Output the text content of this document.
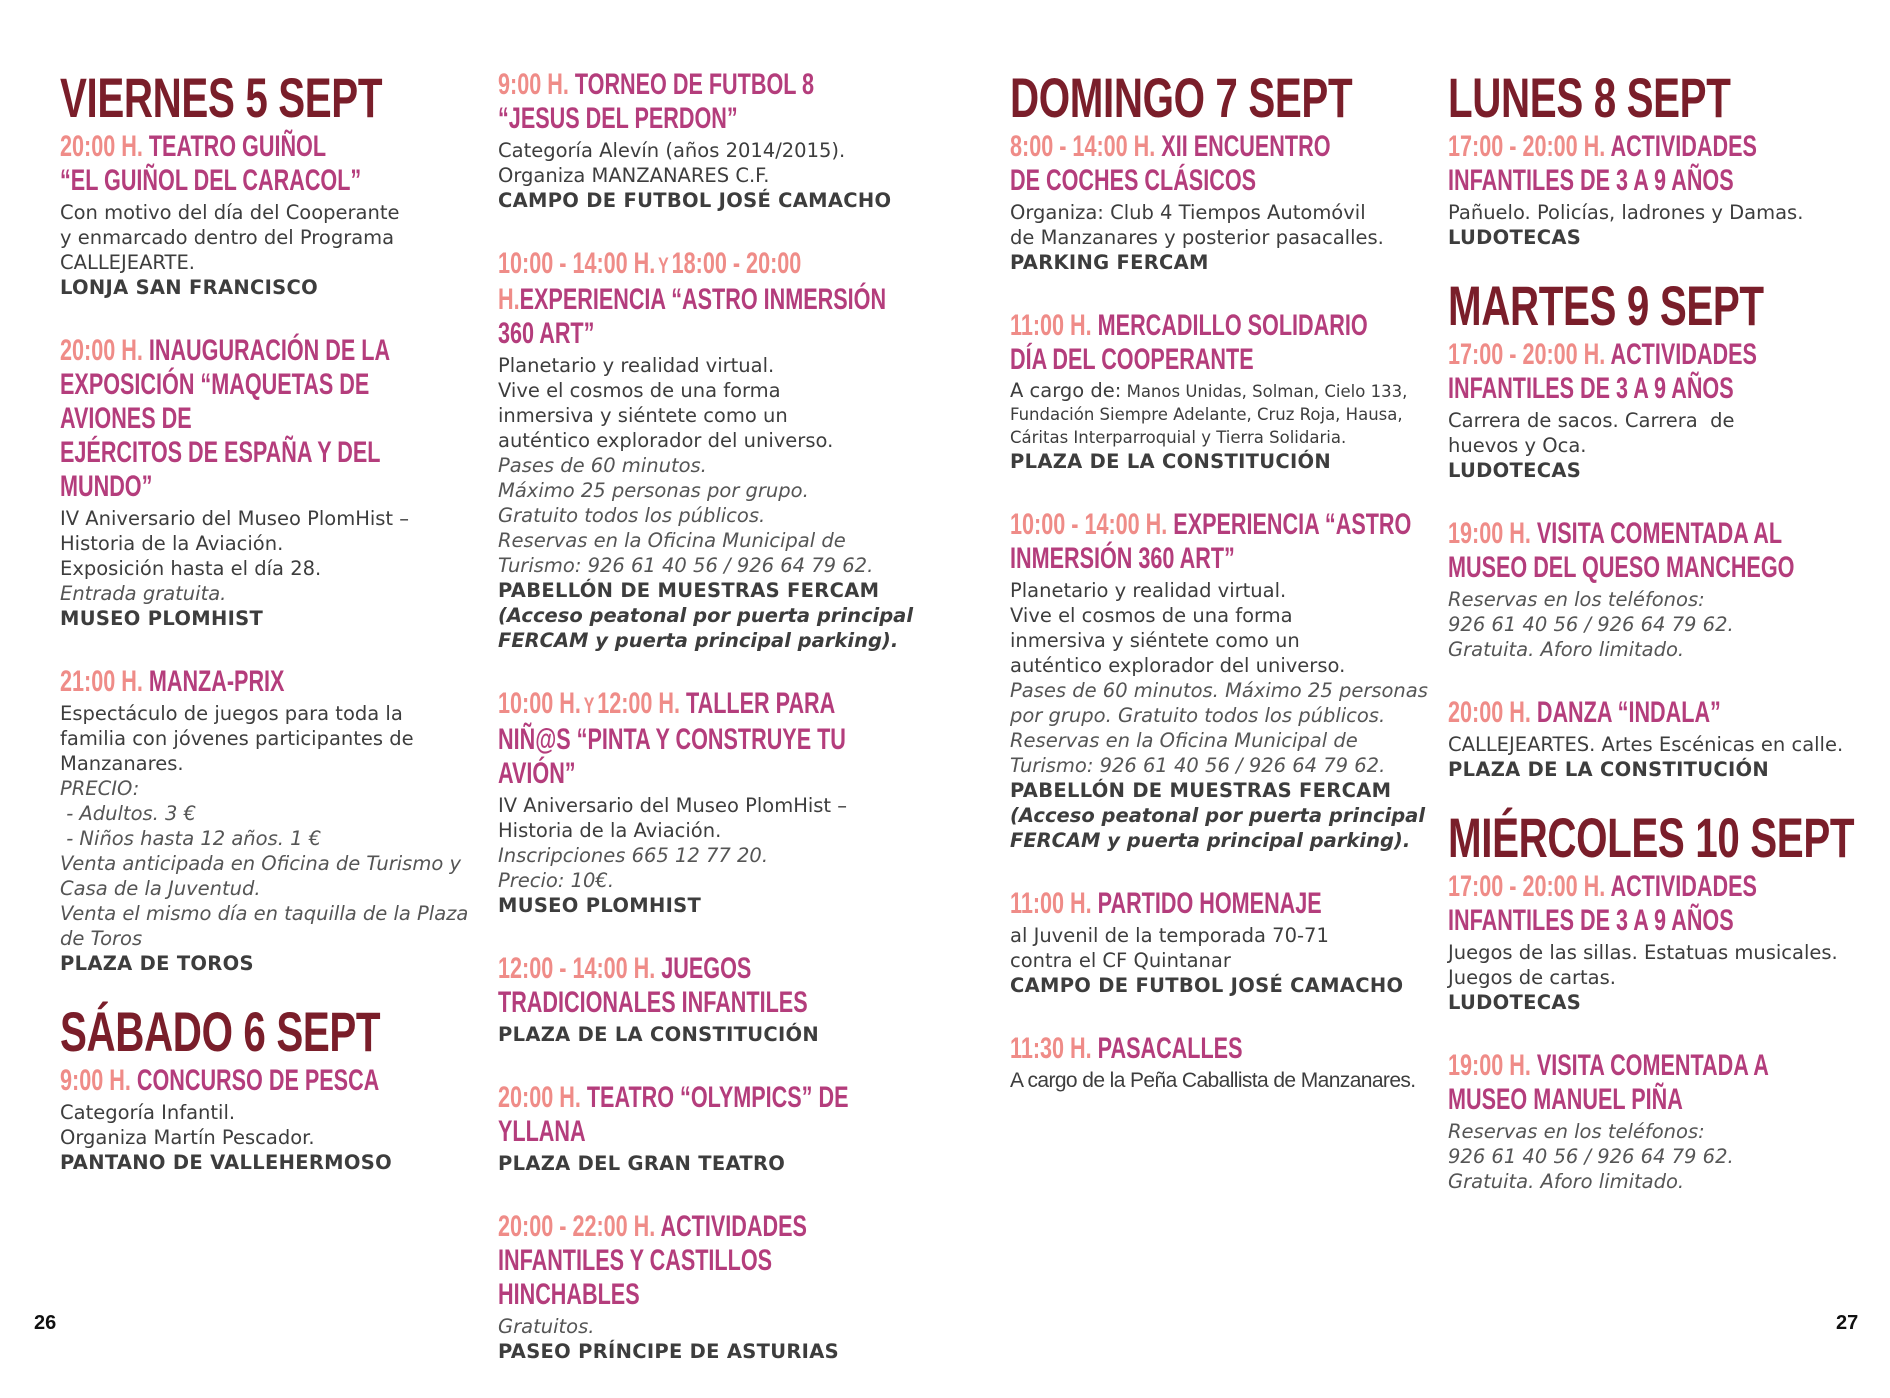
VIERNES 5 SEPT
20:00 H. TEATRO GUIÑOL
“EL GUIÑOL DEL CARACOL”
Con motivo del día del Cooperante
y enmarcado dentro del Programa
CALLEJEARTE.
LONJA SAN FRANCISCO
20:00 H. INAUGURACIÓN DE LA
EXPOSICIÓN “MAQUETAS DE AVIONES DE
EJÉRCITOS DE ESPAÑA Y DEL MUNDO”
IV Aniversario del Museo PlomHist –
Historia de la Aviación.
Exposición hasta el día 28.
Entrada gratuita.
MUSEO PLOMHIST
21:00 H. MANZA-PRIX
Espectáculo de juegos para toda la
familia con jóvenes participantes de
Manzanares.
PRECIO:
- Adultos. 3 €
- Niños hasta 12 años. 1 €
Venta anticipada en Oficina de Turismo y
Casa de la Juventud.
Venta el mismo día en taquilla de la Plaza
de Toros
PLAZA DE TOROS
SÁBADO 6 SEPT
9:00 H. CONCURSO DE PESCA
Categoría Infantil.
Organiza Martín Pescador.
PANTANO DE VALLEHERMOSO
9:00 H. TORNEO DE FUTBOL 8
“JESUS DEL PERDON”
Categoría Alevín (años 2014/2015).
Organiza MANZANARES C.F.
CAMPO DE FUTBOL JOSÉ CAMACHO
10:00 - 14:00 H. Y18:00 - 20:00 H.EXPERIENCIA “ASTRO INMERSIÓN 360 ART”
Planetario y realidad virtual.
Vive el cosmos de una forma
inmersiva y siéntete como un
auténtico explorador del universo.
Pases de 60 minutos.
Máximo 25 personas por grupo.
Gratuito todos los públicos.
Reservas en la Oficina Municipal de
Turismo: 926 61 40 56 / 926 64 79 62.
PABELLÓN DE MUESTRAS FERCAM
(Acceso peatonal por puerta principal
FERCAM y puerta principal parking).
10:00 H. Y12:00 H. TALLER PARA
NIÑ@S “PINTA Y CONSTRUYE TU AVIÓN”
IV Aniversario del Museo PlomHist –
Historia de la Aviación.
Inscripciones 665 12 77 20.
Precio: 10€.
MUSEO PLOMHIST
12:00 - 14:00 H. JUEGOS
TRADICIONALES INFANTILES
PLAZA DE LA CONSTITUCIÓN
20:00 H. TEATRO “OLYMPICS” DE YLLANA
PLAZA DEL GRAN TEATRO
20:00 - 22:00 H. ACTIVIDADES
INFANTILES Y CASTILLOS HINCHABLES
Gratuitos.
PASEO PRÍNCIPE DE ASTURIAS
DOMINGO 7 SEPT
8:00 - 14:00 H. XII ENCUENTRO
DE COCHES CLÁSICOS
Organiza: Club 4 Tiempos Automóvil
de Manzanares y posterior pasacalles.
PARKING FERCAM
11:00 H. MERCADILLO SOLIDARIO
DÍA DEL COOPERANTE
A cargo de: Manos Unidas, Solman, Cielo 133,
Fundación Siempre Adelante, Cruz Roja, Hausa,
Cáritas Interparroquial y Tierra Solidaria.
PLAZA DE LA CONSTITUCIÓN
10:00 - 14:00 H. EXPERIENCIA “ASTRO
INMERSIÓN 360 ART”
Planetario y realidad virtual.
Vive el cosmos de una forma
inmersiva y siéntete como un
auténtico explorador del universo.
Pases de 60 minutos. Máximo 25 personas
por grupo. Gratuito todos los públicos.
Reservas en la Oficina Municipal de
Turismo: 926 61 40 56 / 926 64 79 62.
PABELLÓN DE MUESTRAS FERCAM
(Acceso peatonal por puerta principal
FERCAM y puerta principal parking).
11:00 H. PARTIDO HOMENAJE
al Juvenil de la temporada 70-71
contra el CF Quintanar
CAMPO DE FUTBOL JOSÉ CAMACHO
11:30 H. PASACALLES
A cargo de la Peña Caballista de Manzanares.
LUNES 8 SEPT
17:00 - 20:00 H. ACTIVIDADES
INFANTILES DE 3 A 9 AÑOS
Pañuelo. Policías, ladrones y Damas.
LUDOTECAS
MARTES 9 SEPT
17:00 - 20:00 H. ACTIVIDADES
INFANTILES DE 3 A 9 AÑOS
Carrera de sacos. Carrera  de
huevos y Oca.
LUDOTECAS
19:00 H. VISITA COMENTADA AL
MUSEO DEL QUESO MANCHEGO
Reservas en los teléfonos:
926 61 40 56 / 926 64 79 62.
Gratuita. Aforo limitado.
20:00 H. DANZA “INDALA”
CALLEJEARTES. Artes Escénicas en calle.
PLAZA DE LA CONSTITUCIÓN
MIÉRCOLES 10 SEPT
17:00 - 20:00 H. ACTIVIDADES
INFANTILES DE 3 A 9 AÑOS
Juegos de las sillas. Estatuas musicales.
Juegos de cartas.
LUDOTECAS
19:00 H. VISITA COMENTADA A
MUSEO MANUEL PIÑA
Reservas en los teléfonos:
926 61 40 56 / 926 64 79 62.
Gratuita. Aforo limitado.
26	27
